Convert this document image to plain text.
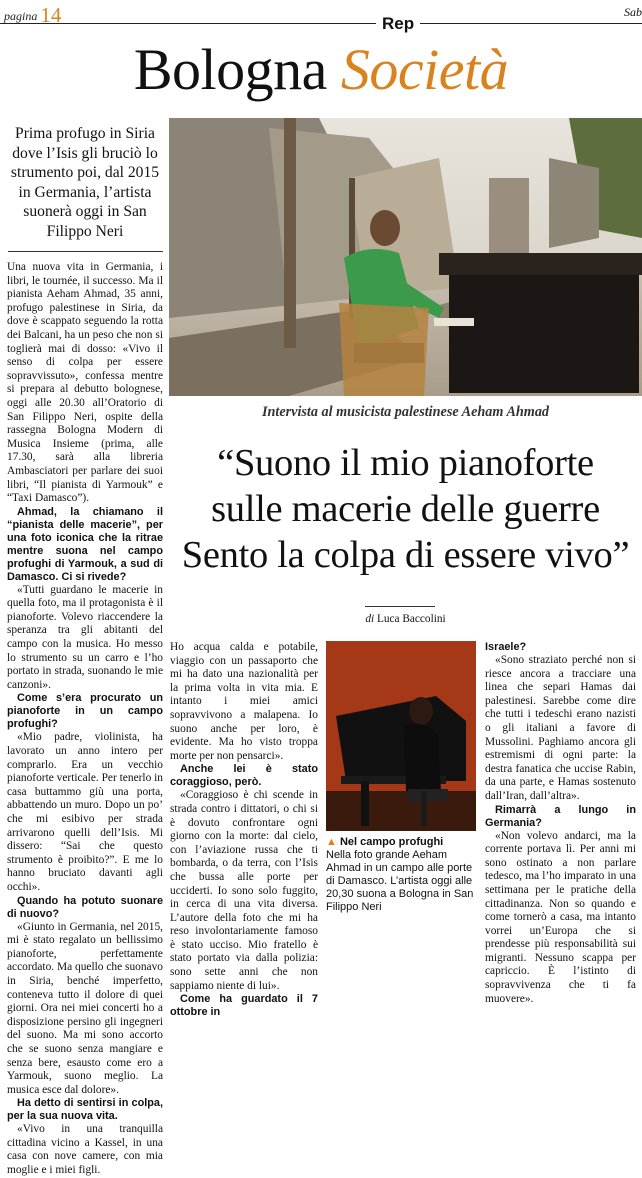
pagina 14	Rep
Sab
Bologna Società
Prima profugo in Siria dove l’Isis gli bruciò lo strumento poi, dal 2015 in Germania, l’artista suonerà oggi in San Filippo Neri

Una nuova vita in Germania, i libri, le tournée, il successo. Ma il pianista Aeham Ahmad, 35 anni, profugo palestinese in Siria, da dove è scappato seguendo la rotta dei Balcani, ha un peso che non si toglierà mai di dosso: «Vivo il senso di colpa per essere sopravvissuto», confessa mentre si prepara al debutto bolognese, oggi alle 20.30 all’Oratorio di San Filippo Neri, ospite della rassegna Bologna Modern di Musica Insieme (prima, alle 17.30, sarà alla libreria Ambasciatori per parlare dei suoi libri, “Il pianista di Yarmouk” e “Taxi Damasco”).

Ahmad, la chiamano il “pianista delle macerie”, per una foto iconica che la ritrae mentre suona nel campo profughi di Yarmouk, a sud di Damasco. Ci si rivede?

«Tutti guardano le macerie in quella foto, ma il protagonista è il pianoforte. Volevo riaccendere la speranza tra gli abitanti del campo con la musica. Ho messo lo strumento su un carro e l’ho portato in strada, suonando le mie canzoni».

Come s’era procurato un pianoforte in un campo profughi?

«Mio padre, violinista, ha lavorato un anno intero per comprarlo. Era un vecchio pianoforte verticale. Per tenerlo in casa buttammo giù una porta, abbattendo un muro. Dopo un po’ che mi esibivo per strada arrivarono quelli dell’Isis. Mi dissero: “Sai che questo strumento è proibito?”. E me lo hanno bruciato davanti agli occhi».

Quando ha potuto suonare di nuovo?

«Giunto in Germania, nel 2015, mi è stato regalato un bellissimo pianoforte, perfettamente accordato. Ma quello che suonavo in Siria, benché imperfetto, conteneva tutto il dolore di quei giorni. Ora nei miei concerti ho a disposizione persino gli ingegneri del suono. Ma mi sono accorto che se suono senza mangiare e senza bere, esausto come ero a Yarmouk, suono meglio. La musica esce dal dolore».

Ha detto di sentirsi in colpa, per la sua nuova vita.

«Vivo in una tranquilla cittadina vicino a Kassel, in una casa con nove camere, con mia moglie e i miei figli.

Intervista al musicista palestinese Aeham Ahmad
“Suono il mio pianoforte
sulle macerie delle guerre
Sento la colpa di essere vivo”
di Luca Baccolini

Ho acqua calda e potabile, viaggio con un passaporto che mi ha dato una nazionalità per la prima volta in vita mia. E intanto i miei amici sopravvivono a malapena. Io suono anche per loro, è evidente. Ma ho visto troppa morte per non pensarci».

Anche lei è stato coraggioso, però.

«Coraggioso è chi scende in strada contro i dittatori, o chi si è dovuto confrontare ogni giorno con la morte: dal cielo, con l’aviazione russa che ti bombarda, o da terra, con l’Isis che bussa alle porte per ucciderti. Io sono solo fuggito, in cerca di una vita diversa. L’autore della foto che mi ha reso involontariamente famoso è stato ucciso. Mio fratello è stato portato via dalla polizia: sono sette anni che non sappiamo niente di lui».

Come ha guardato il 7 ottobre in

▲ Nel campo profughi
Nella foto grande Aeham Ahmad in un campo alle porte di Damasco. L’artista oggi alle 20,30 suona a Bologna in San Filippo Neri

Israele?

«Sono straziato perché non si riesce ancora a tracciare una linea che separi Hamas dai palestinesi. Sarebbe come dire che tutti i tedeschi erano nazisti o gli italiani a favore di Mussolini. Paghiamo ancora gli estremismi di ogni parte: la destra fanatica che uccise Rabin, da una parte, e Hamas sostenuto dall’Iran, dall’altra».

Rimarrà a lungo in Germania?

«Non volevo andarci, ma la corrente portava lì. Per anni mi sono ostinato a non parlare tedesco, ma l’ho imparato in una settimana per le pratiche della cittadinanza. Non so quando e come tornerò a casa, ma intanto vorrei un’Europa che si prendesse più responsabilità sui migranti. Nessuno scappa per capriccio. È l’istinto di sopravvivenza che ti fa muovere».
